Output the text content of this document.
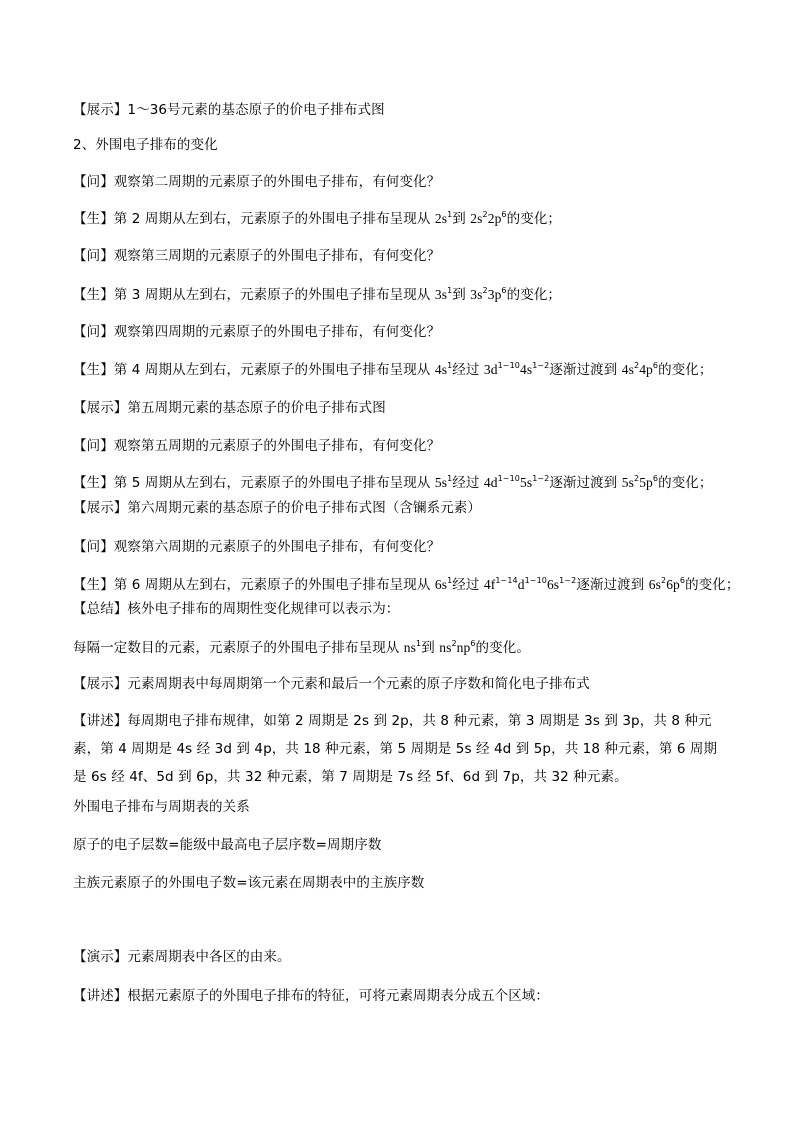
【展示】1～36号元素的基态原子的价电子排布式图
2、外围电子排布的变化
【问】观察第二周期的元素原子的外围电子排布，有何变化？
【生】第 2 周期从左到右，元素原子的外围电子排布呈现从 $2s^1$到 $2s^22p^6$的变化；
【问】观察第三周期的元素原子的外围电子排布，有何变化？
【生】第 3 周期从左到右，元素原子的外围电子排布呈现从 $3s^1$到 $3s^23p^6$的变化；
【问】观察第四周期的元素原子的外围电子排布，有何变化？
【生】第 4 周期从左到右，元素原子的外围电子排布呈现从 $4s^1$经过 $3d^{1\sim 10}4s^{1\sim 2}$逐渐过渡到 $4s^24p^6$的变化；
【展示】第五周期元素的基态原子的价电子排布式图
【问】观察第五周期的元素原子的外围电子排布，有何变化？
【生】第 5 周期从左到右，元素原子的外围电子排布呈现从 $5s^1$经过 $4d^{1\sim 10}5s^{1\sim 2}$逐渐过渡到 $5s^25p^6$的变化；
【展示】第六周期元素的基态原子的价电子排布式图（含镧系元素）
【问】观察第六周期的元素原子的外围电子排布，有何变化？
【生】第 6 周期从左到右，元素原子的外围电子排布呈现从 $6s^1$经过 $4f^{1\sim 14}d^{1\sim 10}6s^{1\sim 2}$逐渐过渡到 $6s^26p^6$的变化；
【总结】核外电子排布的周期性变化规律可以表示为：
每隔一定数目的元素，元素原子的外围电子排布呈现从 $ns^1$到 $ns^2np^6$的变化。
【展示】元素周期表中每周期第一个元素和最后一个元素的原子序数和简化电子排布式
【讲述】每周期电子排布规律，如第 2 周期是 2s 到 2p，共 8 种元素，第 3 周期是 3s 到 3p，共 8 种元素，第 4 周期是 4s 经 3d 到 4p，共 18 种元素，第 5 周期是 5s 经 4d 到 5p，共 18 种元素，第 6 周期是 6s 经 4f、5d 到 6p，共 32 种元素，第 7 周期是 7s 经 5f、6d 到 7p，共 32 种元素。
外围电子排布与周期表的关系
原子的电子层数=能级中最高电子层序数=周期序数
主族元素原子的外围电子数=该元素在周期表中的主族序数
【演示】元素周期表中各区的由来。
【讲述】根据元素原子的外围电子排布的特征，可将元素周期表分成五个区域：
